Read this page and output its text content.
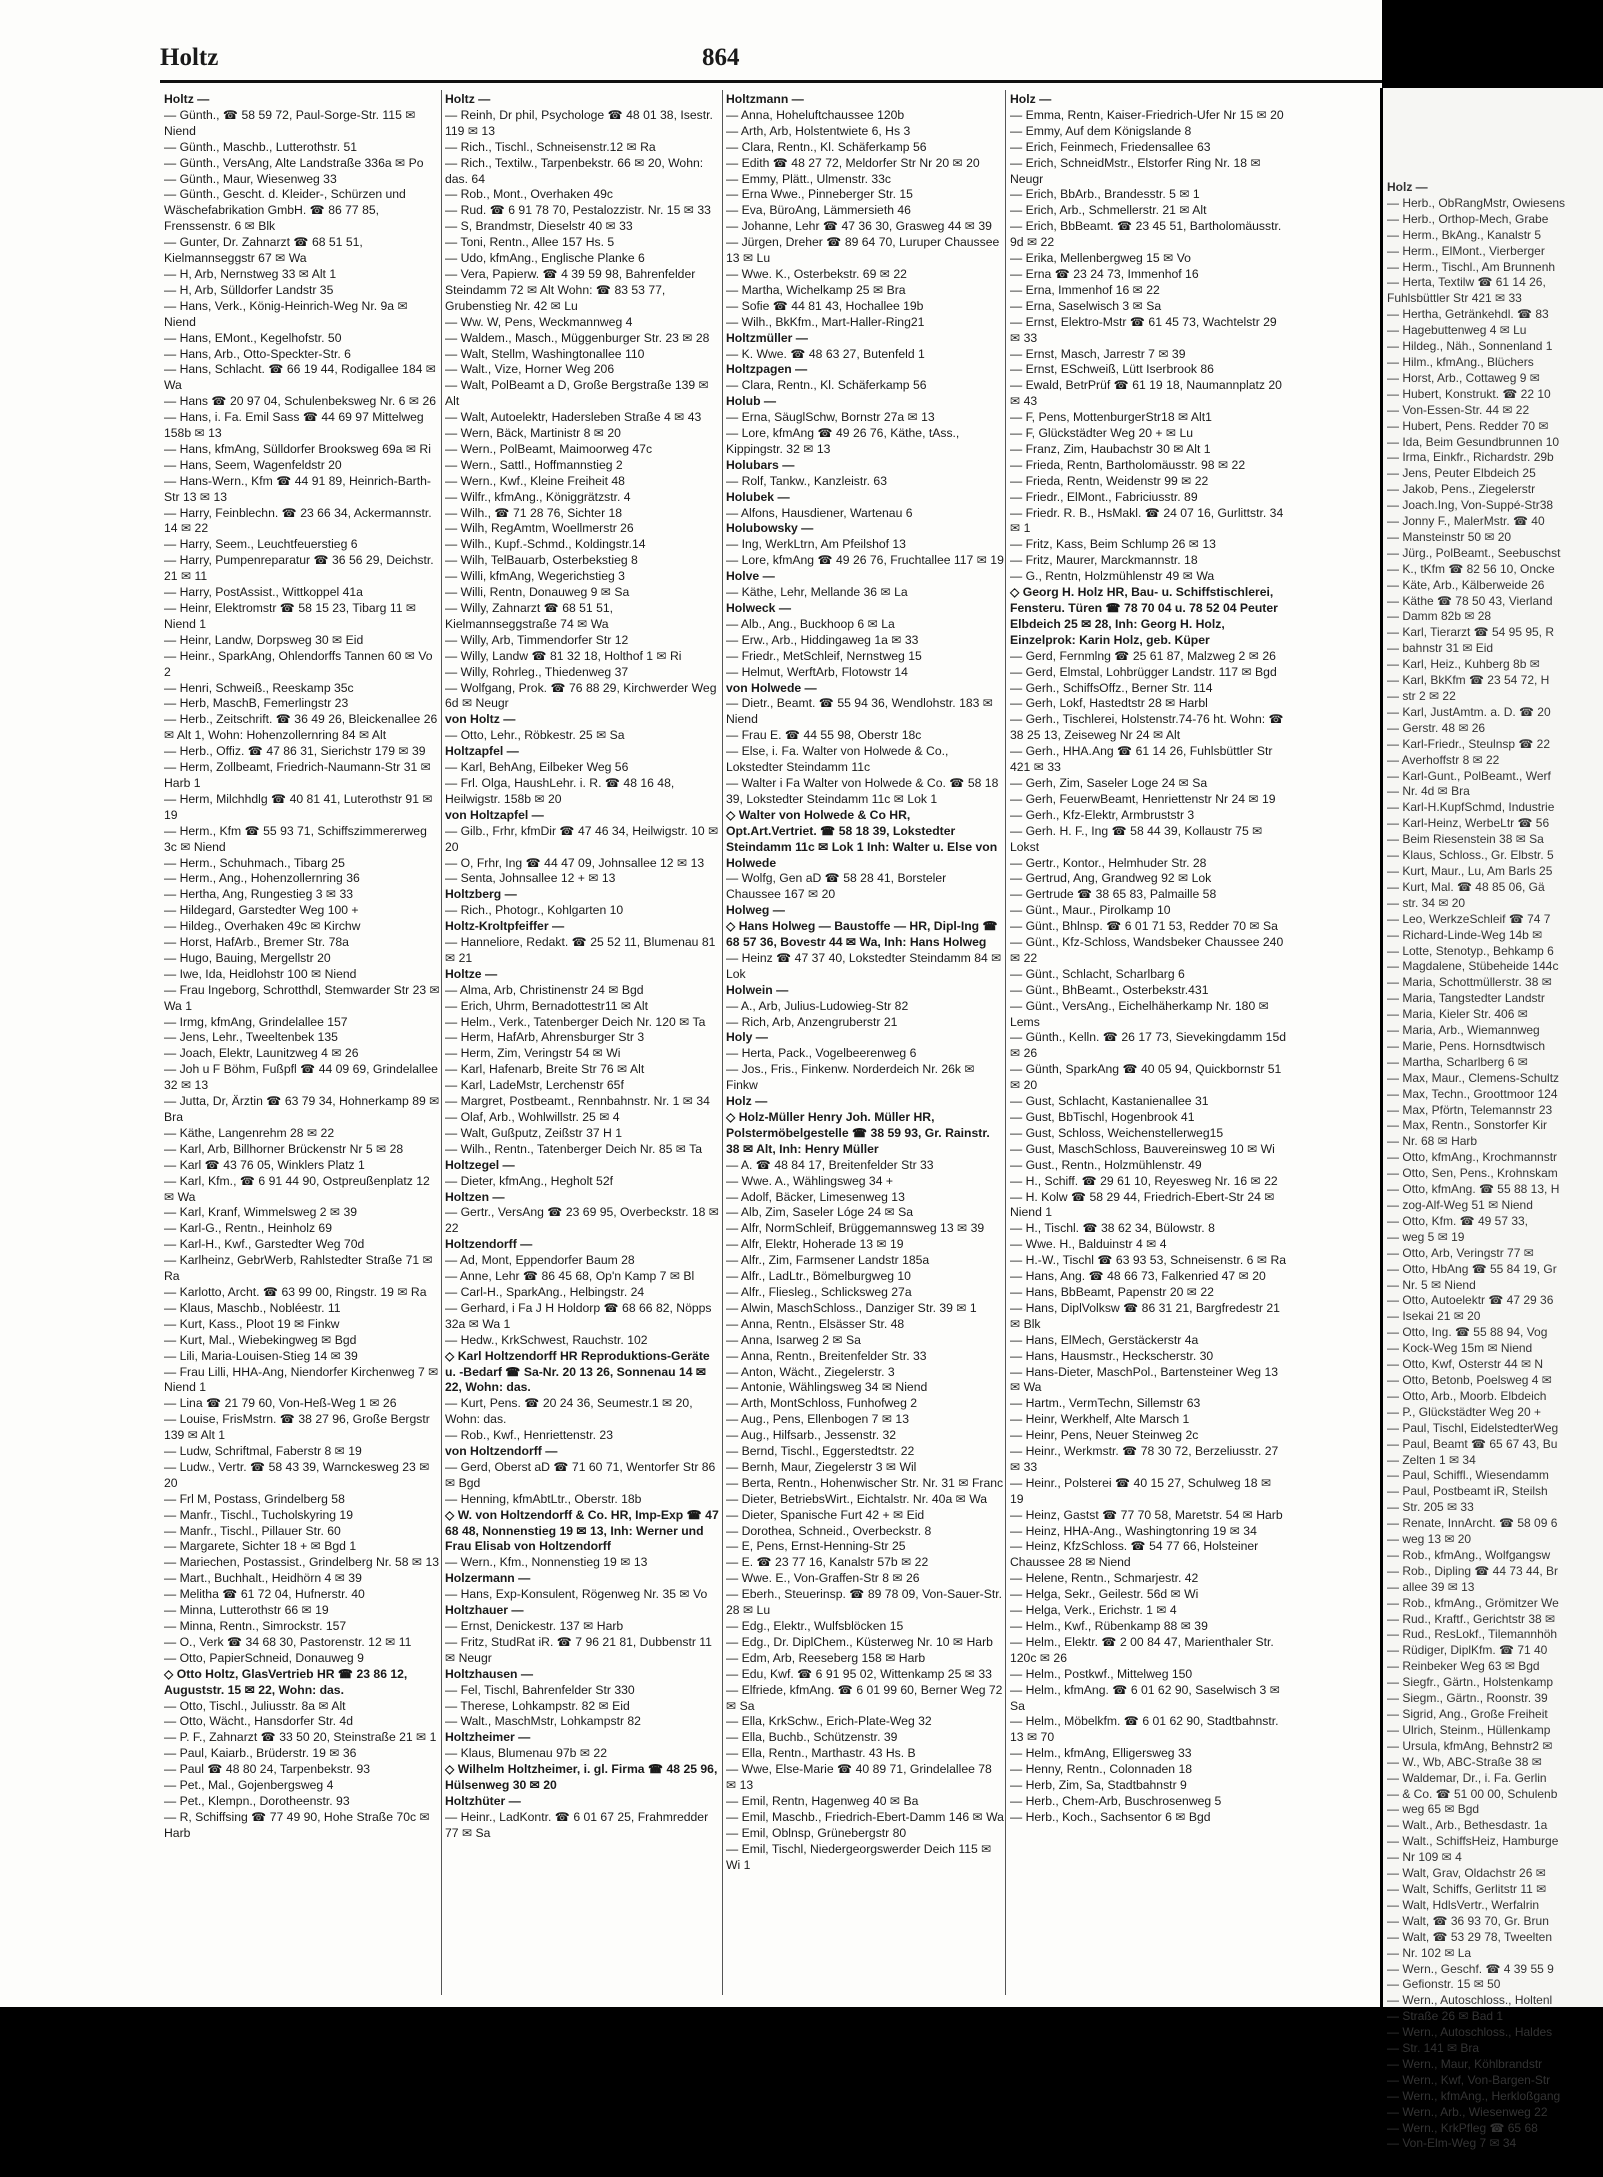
Holtz	864
Holtz —
— Günth., ☎ 58 59 72, Paul-Sorge-Str. 115 ✉ Niend
— Günth., Maschb., Lutterothstr. 51
— Günth., VersAng, Alte Landstraße 336a ✉ Po
— Günth., Maur, Wiesenweg 33
— Günth., Gescht. d. Kleider-, Schürzen und Wäschefabrikation GmbH. ☎ 86 77 85, Frenssenstr. 6 ✉ Blk
— Gunter, Dr. Zahnarzt ☎ 68 51 51, Kielmannseggstr 67 ✉ Wa
— H, Arb, Nernstweg 33 ✉ Alt 1
— H, Arb, Sülldorfer Landstr 35
— Hans, Verk., König-Heinrich-Weg Nr. 9a ✉ Niend
— Hans, EMont., Kegelhofstr. 50
— Hans, Arb., Otto-Speckter-Str. 6
— Hans, Schlacht. ☎ 66 19 44, Rodigallee 184 ✉ Wa
— Hans ☎ 20 97 04, Schulenbeksweg Nr. 6 ✉ 26
— Hans, i. Fa. Emil Sass ☎ 44 69 97 Mittelweg 158b ✉ 13
— Hans, kfmAng, Sülldorfer Brooksweg 69a ✉ Ri
— Hans, Seem, Wagenfeldstr 20
— Hans-Wern., Kfm ☎ 44 91 89, Heinrich-Barth-Str 13 ✉ 13
— Harry, Feinblechn. ☎ 23 66 34, Ackermannstr. 14 ✉ 22
— Harry, Seem., Leuchtfeuerstieg 6
— Harry, Pumpenreparatur ☎ 36 56 29, Deichstr. 21 ✉ 11
— Harry, PostAssist., Wittkoppel 41a
— Heinr, Elektromstr ☎ 58 15 23, Tibarg 11 ✉ Niend 1
— Heinr, Landw, Dorpsweg 30 ✉ Eid
— Heinr., SparkAng, Ohlendorffs Tannen 60 ✉ Vo 2
— Henri, Schweiß., Reeskamp 35c
— Herb, MaschB, Femerlingstr 23
— Herb., Zeitschrift. ☎ 36 49 26, Bleickenallee 26 ✉ Alt 1, Wohn: Hohenzollernring 84 ✉ Alt
— Herb., Offiz. ☎ 47 86 31, Sierichstr 179 ✉ 39
— Herm, Zollbeamt, Friedrich-Naumann-Str 31 ✉ Harb 1
— Herm, Milchhdlg ☎ 40 81 41, Luterothstr 91 ✉ 19
— Herm., Kfm ☎ 55 93 71, Schiffszimmererweg 3c ✉ Niend
— Herm., Schuhmach., Tibarg 25
— Herm., Ang., Hohenzollernring 36
— Hertha, Ang, Rungestieg 3 ✉ 33
— Hildegard, Garstedter Weg 100 +
— Hildeg., Overhaken 49c ✉ Kirchw
— Horst, HafArb., Bremer Str. 78a
— Hugo, Bauing, Mergellstr 20
— Iwe, Ida, Heidlohstr 100 ✉ Niend
— Frau Ingeborg, Schrotthdl, Stemwarder Str 23 ✉ Wa 1
— Irmg, kfmAng, Grindelallee 157
— Jens, Lehr., Tweeltenbek 135
— Joach, Elektr, Launitzweg 4 ✉ 26
— Joh u F Böhm, Fußpfl ☎ 44 09 69, Grindelallee 32 ✉ 13
— Jutta, Dr, Ärztin ☎ 63 79 34, Hohnerkamp 89 ✉ Bra
— Käthe, Langenrehm 28 ✉ 22
— Karl, Arb, Billhorner Brückenstr Nr 5 ✉ 28
— Karl ☎ 43 76 05, Winklers Platz 1
— Karl, Kfm., ☎ 6 91 44 90, Ostpreußenplatz 12 ✉ Wa
— Karl, Kranf, Wimmelsweg 2 ✉ 39
— Karl-G., Rentn., Heinholz 69
— Karl-H., Kwf., Garstedter Weg 70d
— Karlheinz, GebrWerb, Rahlstedter Straße 71 ✉ Ra
— Karlotto, Archt. ☎ 63 99 00, Ringstr. 19 ✉ Ra
— Klaus, Maschb., Nobléestr. 11
— Kurt, Kass., Ploot 19 ✉ Finkw
— Kurt, Mal., Wiebekingweg ✉ Bgd
— Lili, Maria-Louisen-Stieg 14 ✉ 39
— Frau Lilli, HHA-Ang, Niendorfer Kirchenweg 7 ✉ Niend 1
— Lina ☎ 21 79 60, Von-Heß-Weg 1 ✉ 26
— Louise, FrisMstrn. ☎ 38 27 96, Große Bergstr 139 ✉ Alt 1
— Ludw, Schriftmal, Faberstr 8 ✉ 19
— Ludw., Vertr. ☎ 58 43 39, Warnckesweg 23 ✉ 20
— Frl M, Postass, Grindelberg 58
— Manfr., Tischl., Tucholskyring 19
— Manfr., Tischl., Pillauer Str. 60
— Margarete, Sichter 18 + ✉ Bgd 1
— Mariechen, Postassist., Grindelberg Nr. 58 ✉ 13
— Mart., Buchhalt., Heidhörn 4 ✉ 39
— Melitha ☎ 61 72 04, Hufnerstr. 40
— Minna, Lutterothstr 66 ✉ 19
— Minna, Rentn., Simrockstr. 157
— O., Verk ☎ 34 68 30, Pastorenstr. 12 ✉ 11
— Otto, PapierSchneid, Donauweg 9
◇ Otto Holtz, GlasVertrieb HR ☎ 23 86 12, Auguststr. 15 ✉ 22, Wohn: das.
— Otto, Tischl., Juliusstr. 8a ✉ Alt
— Otto, Wächt., Hansdorfer Str. 4d
— P. F., Zahnarzt ☎ 33 50 20, Steinstraße 21 ✉ 1
— Paul, Kaiarb., Brüderstr. 19 ✉ 36
— Paul ☎ 48 80 24, Tarpenbekstr. 93
— Pet., Mal., Gojenbergsweg 4
— Pet., Klempn., Dorotheenstr. 93
— R, Schiffsing ☎ 77 49 90, Hohe Straße 70c ✉ Harb
Holtz —
— Reinh, Dr phil, Psychologe ☎ 48 01 38, Isestr. 119 ✉ 13
— Rich., Tischl., Schneisenstr.12 ✉ Ra
— Rich., Textilw., Tarpenbekstr. 66 ✉ 20, Wohn: das. 64
— Rob., Mont., Overhaken 49c
— Rud. ☎ 6 91 78 70, Pestalozzistr. Nr. 15 ✉ 33
— S, Brandmstr, Dieselstr 40 ✉ 33
— Toni, Rentn., Allee 157 Hs. 5
— Udo, kfmAng., Englische Planke 6
— Vera, Papierw. ☎ 4 39 59 98, Bahrenfelder Steindamm 72 ✉ Alt Wohn: ☎ 83 53 77, Grubenstieg Nr. 42 ✉ Lu
— Ww. W, Pens, Weckmannweg 4
— Waldem., Masch., Müggenburger Str. 23 ✉ 28
— Walt, Stellm, Washingtonallee 110
— Walt., Vize, Horner Weg 206
— Walt, PolBeamt a D, Große Bergstraße 139 ✉ Alt
— Walt, Autoelektr, Hadersleben Straße 4 ✉ 43
— Wern, Bäck, Martinistr 8 ✉ 20
— Wern., PolBeamt, Maimoorweg 47c
— Wern., Sattl., Hoffmannstieg 2
— Wern., Kwf., Kleine Freiheit 48
— Wilfr., kfmAng., Königgrätzstr. 4
— Wilh., ☎ 71 28 76, Sichter 18
— Wilh, RegAmtm, Woellmerstr 26
— Wilh., Kupf.-Schmd., Koldingstr.14
— Wilh, TelBauarb, Osterbekstieg 8
— Willi, kfmAng, Wegerichstieg 3
— Willi, Rentn, Donauweg 9 ✉ Sa
— Willy, Zahnarzt ☎ 68 51 51, Kielmannseggstraße 74 ✉ Wa
— Willy, Arb, Timmendorfer Str 12
— Willy, Landw ☎ 81 32 18, Holthof 1 ✉ Ri
— Willy, Rohrleg., Thiedenweg 37
— Wolfgang, Prok. ☎ 76 88 29, Kirchwerder Weg 6d ✉ Neugr
von Holtz —
— Otto, Lehr., Röbkestr. 25 ✉ Sa
Holtzapfel —
— Karl, BehAng, Eilbeker Weg 56
— Frl. Olga, HaushLehr. i. R. ☎ 48 16 48, Heilwigstr. 158b ✉ 20
von Holtzapfel —
— Gilb., Frhr, kfmDir ☎ 47 46 34, Heilwigstr. 10 ✉ 20
— O, Frhr, Ing ☎ 44 47 09, Johnsallee 12 ✉ 13
— Senta, Johnsallee 12 + ✉ 13
Holtzberg —
— Rich., Photogr., Kohlgarten 10
Holtz-Kroltpfeiffer —
— Hanneliore, Redakt. ☎ 25 52 11, Blumenau 81 ✉ 21
Holtze —
— Alma, Arb, Christinenstr 24 ✉ Bgd
— Erich, Uhrm, Bernadottestr11 ✉ Alt
— Helm., Verk., Tatenberger Deich Nr. 120 ✉ Ta
— Herm, HafArb, Ahrensburger Str 3
— Herm, Zim, Veringstr 54 ✉ Wi
— Karl, Hafenarb, Breite Str 76 ✉ Alt
— Karl, LadeMstr, Lerchenstr 65f
— Margret, Postbeamt., Rennbahnstr. Nr. 1 ✉ 34
— Olaf, Arb., Wohlwillstr. 25 ✉ 4
— Walt, Gußputz, Zeißstr 37 H 1
— Wilh., Rentn., Tatenberger Deich Nr. 85 ✉ Ta
Holtzegel —
— Dieter, kfmAng., Hegholt 52f
Holtzen —
— Gertr., VersAng ☎ 23 69 95, Overbeckstr. 18 ✉ 22
Holtzendorff —
— Ad, Mont, Eppendorfer Baum 28
— Anne, Lehr ☎ 86 45 68, Op'n Kamp 7 ✉ Bl
— Carl-H., SparkAng., Helbingstr. 24
— Gerhard, i Fa J H Holdorp ☎ 68 66 82, Nöpps 32a ✉ Wa 1
— Hedw., KrkSchwest, Rauchstr. 102
◇ Karl Holtzendorff HR Reproduktions-Geräte u. -Bedarf ☎ Sa-Nr. 20 13 26, Sonnenau 14 ✉ 22, Wohn: das.
— Kurt, Pens. ☎ 20 24 36, Seumestr.1 ✉ 20, Wohn: das.
— Rob., Kwf., Henriettenstr. 23
von Holtzendorff —
— Gerd, Oberst aD ☎ 71 60 71, Wentorfer Str 86 ✉ Bgd
— Henning, kfmAbtLtr., Oberstr. 18b
◇ W. von Holtzendorff & Co. HR, Imp-Exp ☎ 47 68 48, Nonnenstieg 19 ✉ 13, Inh: Werner und Frau Elisab von Holtzendorff
— Wern., Kfm., Nonnenstieg 19 ✉ 13
Holzermann —
— Hans, Exp-Konsulent, Rögenweg Nr. 35 ✉ Vo
Holtzhauer —
— Ernst, Denickestr. 137 ✉ Harb
— Fritz, StudRat iR. ☎ 7 96 21 81, Dubbenstr 11 ✉ Neugr
Holtzhausen —
— Fel, Tischl, Bahrenfelder Str 330
— Therese, Lohkampstr. 82 ✉ Eid
— Walt., MaschMstr, Lohkampstr 82
Holtzheimer —
— Klaus, Blumenau 97b ✉ 22
◇ Wilhelm Holtzheimer, i. gl. Firma ☎ 48 25 96, Hülsenweg 30 ✉ 20
Holtzhüter —
— Heinr., LadKontr. ☎ 6 01 67 25, Frahmredder 77 ✉ Sa
Holtzmann —
— Anna, Hoheluftchaussee 120b
— Arth, Arb, Holstentwiete 6, Hs 3
— Clara, Rentn., Kl. Schäferkamp 56
— Edith ☎ 48 27 72, Meldorfer Str Nr 20 ✉ 20
— Emmy, Plätt., Ulmenstr. 33c
— Erna Wwe., Pinneberger Str. 15
— Eva, BüroAng, Lämmersieth 46
— Johanne, Lehr ☎ 47 36 30, Grasweg 44 ✉ 39
— Jürgen, Dreher ☎ 89 64 70, Luruper Chaussee 13 ✉ Lu
— Wwe. K., Osterbekstr. 69 ✉ 22
— Martha, Wichelkamp 25 ✉ Bra
— Sofie ☎ 44 81 43, Hochallee 19b
— Wilh., BkKfm., Mart-Haller-Ring21
Holtzmüller —
— K. Wwe. ☎ 48 63 27, Butenfeld 1
Holtzpagen —
— Clara, Rentn., Kl. Schäferkamp 56
Holub —
— Erna, SäuglSchw, Bornstr 27a ✉ 13
— Lore, kfmAng ☎ 49 26 76, Käthe, tAss., Kippingstr. 32 ✉ 13
Holubars —
— Rolf, Tankw., Kanzleistr. 63
Holubek —
— Alfons, Hausdiener, Wartenau 6
Holubowsky —
— Ing, WerkLtrn, Am Pfeilshof 13
— Lore, kfmAng ☎ 49 26 76, Fruchtallee 117 ✉ 19
Holve —
— Käthe, Lehr, Mellande 36 ✉ La
Holweck —
— Alb., Ang., Buckhoop 6 ✉ La
— Erw., Arb., Hiddingaweg 1a ✉ 33
— Friedr., MetSchleif, Nernstweg 15
— Helmut, WerftArb, Flotowstr 14
von Holwede —
— Dietr., Beamt. ☎ 55 94 36, Wendlohstr. 183 ✉ Niend
— Frau E. ☎ 44 55 98, Oberstr 18c
— Else, i. Fa. Walter von Holwede & Co., Lokstedter Steindamm 11c
— Walter i Fa Walter von Holwede & Co. ☎ 58 18 39, Lokstedter Steindamm 11c ✉ Lok 1
◇ Walter von Holwede & Co HR, Opt.Art.Vertriet. ☎ 58 18 39, Lokstedter Steindamm 11c ✉ Lok 1 Inh: Walter u. Else von Holwede
— Wolfg, Gen aD ☎ 58 28 41, Borsteler Chaussee 167 ✉ 20
Holweg —
◇ Hans Holweg — Baustoffe — HR, Dipl-Ing ☎ 68 57 36, Bovestr 44 ✉ Wa, Inh: Hans Holweg
— Heinz ☎ 47 37 40, Lokstedter Steindamm 84 ✉ Lok
Holwein —
— A., Arb, Julius-Ludowieg-Str 82
— Rich, Arb, Anzengruberstr 21
Holy —
— Herta, Pack., Vogelbeerenweg 6
— Jos., Fris., Finkenw. Norderdeich Nr. 26k ✉ Finkw
Holz —
◇ Holz-Müller Henry Joh. Müller HR, Polstermöbelgestelle ☎ 38 59 93, Gr. Rainstr. 38 ✉ Alt, Inh: Henry Müller
— A. ☎ 48 84 17, Breitenfelder Str 33
— Wwe. A., Wählingsweg 34 +
— Adolf, Bäcker, Limesenweg 13
— Alb, Zim, Saseler Lóge 24 ✉ Sa
— Alfr, NormSchleif, Brüggemannsweg 13 ✉ 39
— Alfr, Elektr, Hoherade 13 ✉ 19
— Alfr., Zim, Farmsener Landstr 185a
— Alfr., LadLtr., Bömelburgweg 10
— Alfr., Fliesleg., Schlicksweg 27a
— Alwin, MaschSchloss., Danziger Str. 39 ✉ 1
— Anna, Rentn., Elsässer Str. 48
— Anna, Isarweg 2 ✉ Sa
— Anna, Rentn., Breitenfelder Str. 33
— Anton, Wächt., Ziegelerstr. 3
— Antonie, Wählingsweg 34 ✉ Niend
— Arth, MontSchloss, Funhofweg 2
— Aug., Pens, Ellenbogen 7 ✉ 13
— Aug., Hilfsarb., Jessenstr. 32
— Bernd, Tischl., Eggerstedtstr. 22
— Bernh, Maur, Ziegelerstr 3 ✉ Wil
— Berta, Rentn., Hohenwischer Str. Nr. 31 ✉ Franc
— Dieter, BetriebsWirt., Eichtalstr. Nr. 40a ✉ Wa
— Dieter, Spanische Furt 42 + ✉ Eid
— Dorothea, Schneid., Overbeckstr. 8
— E, Pens, Ernst-Henning-Str 25
— E. ☎ 23 77 16, Kanalstr 57b ✉ 22
— Wwe. E., Von-Graffen-Str 8 ✉ 26
— Eberh., Steuerinsp. ☎ 89 78 09, Von-Sauer-Str. 28 ✉ Lu
— Edg., Elektr., Wulfsblöcken 15
— Edg., Dr. DiplChem., Küsterweg Nr. 10 ✉ Harb
— Edm, Arb, Reeseberg 158 ✉ Harb
— Edu, Kwf. ☎ 6 91 95 02, Wittenkamp 25 ✉ 33
— Elfriede, kfmAng. ☎ 6 01 99 60, Berner Weg 72 ✉ Sa
— Ella, KrkSchw., Erich-Plate-Weg 32
— Ella, Buchb., Schützenstr. 39
— Ella, Rentn., Marthastr. 43 Hs. B
— Wwe, Else-Marie ☎ 40 89 71, Grindelallee 78 ✉ 13
— Emil, Rentn, Hagenweg 40 ✉ Ba
— Emil, Maschb., Friedrich-Ebert-Damm 146 ✉ Wa
— Emil, Oblnsp, Grünebergstr 80
— Emil, Tischl, Niedergeorgswerder Deich 115 ✉ Wi 1
Holz —
— Emma, Rentn, Kaiser-Friedrich-Ufer Nr 15 ✉ 20
— Emmy, Auf dem Königslande 8
— Erich, Feinmech, Friedensallee 63
— Erich, SchneidMstr., Elstorfer Ring Nr. 18 ✉ Neugr
— Erich, BbArb., Brandesstr. 5 ✉ 1
— Erich, Arb., Schmellerstr. 21 ✉ Alt
— Erich, BbBeamt. ☎ 23 45 51, Bartholomäusstr. 9d ✉ 22
— Erika, Mellenbergweg 15 ✉ Vo
— Erna ☎ 23 24 73, Immenhof 16
— Erna, Immenhof 16 ✉ 22
— Erna, Saselwisch 3 ✉ Sa
— Ernst, Elektro-Mstr ☎ 61 45 73, Wachtelstr 29 ✉ 33
— Ernst, Masch, Jarrestr 7 ✉ 39
— Ernst, ESchweiß, Lütt Iserbrook 86
— Ewald, BetrPrüf ☎ 61 19 18, Naumannplatz 20 ✉ 43
— F, Pens, MottenburgerStr18 ✉ Alt1
— F, Glückstädter Weg 20 + ✉ Lu
— Franz, Zim, Haubachstr 30 ✉ Alt 1
— Frieda, Rentn, Bartholomäusstr. 98 ✉ 22
— Frieda, Rentn, Weidenstr 99 ✉ 22
— Friedr., ElMont., Fabriciusstr. 89
— Friedr. R. B., HsMakl. ☎ 24 07 16, Gurlittstr. 34 ✉ 1
— Fritz, Kass, Beim Schlump 26 ✉ 13
— Fritz, Maurer, Marckmannstr. 18
— G., Rentn, Holzmühlenstr 49 ✉ Wa
◇ Georg H. Holz HR, Bau- u. Schiffstischlerei, Fensteru. Türen ☎ 78 70 04 u. 78 52 04 Peuter Elbdeich 25 ✉ 28, Inh: Georg H. Holz, Einzelprok: Karin Holz, geb. Küper
— Gerd, Fernmlng ☎ 25 61 87, Malzweg 2 ✉ 26
— Gerd, Elmstal, Lohbrügger Landstr. 117 ✉ Bgd
— Gerh., SchiffsOffz., Berner Str. 114
— Gerh, Lokf, Hastedtstr 28 ✉ Harbl
— Gerh., Tischlerei, Holstenstr.74-76 ht. Wohn: ☎ 38 25 13, Zeiseweg Nr 24 ✉ Alt
— Gerh., HHA.Ang ☎ 61 14 26, Fuhlsbüttler Str 421 ✉ 33
— Gerh, Zim, Saseler Loge 24 ✉ Sa
— Gerh, FeuerwBeamt, Henriettenstr Nr 24 ✉ 19
— Gerh., Kfz-Elektr, Armbruststr 3
— Gerh. H. F., Ing ☎ 58 44 39, Kollaustr 75 ✉ Lokst
— Gertr., Kontor., Helmhuder Str. 28
— Gertrud, Ang, Grandweg 92 ✉ Lok
— Gertrude ☎ 38 65 83, Palmaille 58
— Günt., Maur., Pirolkamp 10
— Günt., Bhlnsp. ☎ 6 01 71 53, Redder 70 ✉ Sa
— Günt., Kfz-Schloss, Wandsbeker Chaussee 240 ✉ 22
— Günt., Schlacht, Scharlbarg 6
— Günt., BhBeamt., Osterbekstr.431
— Günt., VersAng., Eichelhäherkamp Nr. 180 ✉ Lems
— Günth., Kelln. ☎ 26 17 73, Sievekingdamm 15d ✉ 26
— Günth, SparkAng ☎ 40 05 94, Quickbornstr 51 ✉ 20
— Gust, Schlacht, Kastanienallee 31
— Gust, BbTischl, Hogenbrook 41
— Gust, Schloss, Weichenstellerweg15
— Gust, MaschSchloss, Bauvereinsweg 10 ✉ Wi
— Gust., Rentn., Holzmühlenstr. 49
— H., Schiff. ☎ 29 61 10, Reyesweg Nr. 16 ✉ 22
— H. Kolw ☎ 58 29 44, Friedrich-Ebert-Str 24 ✉ Niend 1
— H., Tischl. ☎ 38 62 34, Bülowstr. 8
— Wwe. H., Balduinstr 4 ✉ 4
— H.-W., Tischl ☎ 63 93 53, Schneisenstr. 6 ✉ Ra
— Hans, Ang. ☎ 48 66 73, Falkenried 47 ✉ 20
— Hans, BbBeamt, Papenstr 20 ✉ 22
— Hans, DiplVolksw ☎ 86 31 21, Bargfredestr 21 ✉ Blk
— Hans, ElMech, Gerstäckerstr 4a
— Hans, Hausmstr., Heckscherstr. 30
— Hans-Dieter, MaschPol., Bartensteiner Weg 13 ✉ Wa
— Hartm., VermTechn, Sillemstr 63
— Heinr, Werkhelf, Alte Marsch 1
— Heinr, Pens, Neuer Steinweg 2c
— Heinr., Werkmstr. ☎ 78 30 72, Berzeliusstr. 27 ✉ 33
— Heinr., Polsterei ☎ 40 15 27, Schulweg 18 ✉ 19
— Heinz, Gastst ☎ 77 70 58, Maretstr. 54 ✉ Harb
— Heinz, HHA-Ang., Washingtonring 19 ✉ 34
— Heinz, KfzSchloss. ☎ 54 77 66, Holsteiner Chaussee 28 ✉ Niend
— Helene, Rentn., Schmarjestr. 42
— Helga, Sekr., Geilestr. 56d ✉ Wi
— Helga, Verk., Erichstr. 1 ✉ 4
— Helm., Kwf., Rübenkamp 88 ✉ 39
— Helm., Elektr. ☎ 2 00 84 47, Marienthaler Str. 120c ✉ 26
— Helm., Postkwf., Mittelweg 150
— Helm., kfmAng. ☎ 6 01 62 90, Saselwisch 3 ✉ Sa
— Helm., Möbelkfm. ☎ 6 01 62 90, Stadtbahnstr. 13 ✉ 70
— Helm., kfmAng, Elligersweg 33
— Henny, Rentn., Colonnaden 18
— Herb, Zim, Sa, Stadtbahnstr 9
— Herb., Chem-Arb, Buschrosenweg 5
— Herb., Koch., Sachsentor 6 ✉ Bgd
Holz —
— Herb., ObRangMstr, Owiesens
— Herb., Orthop-Mech, Grabe
— Herm., BkAng., Kanalstr 5
— Herm., ElMont., Vierberger
— Herm., Tischl., Am Brunnenh
— Herta, Textilw ☎ 61 14 26, Fuhlsbüttler Str 421 ✉ 33
— Hertha, Getränkehdl. ☎ 83
— Hagebuttenweg 4 ✉ Lu
— Hildeg., Näh., Sonnenland 1
— Hilm., kfmAng., Blüchers
— Horst, Arb., Cottaweg 9 ✉
— Hubert, Konstrukt. ☎ 22 10
— Von-Essen-Str. 44 ✉ 22
— Hubert, Pens. Redder 70 ✉
— Ida, Beim Gesundbrunnen 10
— Irma, Einkfr., Richardstr. 29b
— Jens, Peuter Elbdeich 25
— Jakob, Pens., Ziegelerstr
— Joach.Ing, Von-Suppé-Str38
— Jonny F., MalerMstr. ☎ 40
— Mansteinstr 50 ✉ 20
— Jürg., PolBeamt., Seebuschst
— K., tKfm ☎ 82 56 10, Oncke
— Käte, Arb., Kälberweide 26
— Käthe ☎ 78 50 43, Vierland
— Damm 82b ✉ 28
— Karl, Tierarzt ☎ 54 95 95, R
— bahnstr 31 ✉ Eid
— Karl, Heiz., Kuhberg 8b ✉
— Karl, BkKfm ☎ 23 54 72, H
— str 2 ✉ 22
— Karl, JustAmtm. a. D. ☎ 20
— Gerstr. 48 ✉ 26
— Karl-Friedr., Steulnsp ☎ 22
— Averhoffstr 8 ✉ 22
— Karl-Gunt., PolBeamt., Werf
— Nr. 4d ✉ Bra
— Karl-H.KupfSchmd, Industrie
— Karl-Heinz, WerbeLtr ☎ 56
— Beim Riesenstein 38 ✉ Sa
— Klaus, Schloss., Gr. Elbstr. 5
— Kurt, Maur., Lu, Am Barls 25
— Kurt, Mal. ☎ 48 85 06, Gä
— str. 34 ✉ 20
— Leo, WerkzeSchleif ☎ 74 7
— Richard-Linde-Weg 14b ✉
— Lotte, Stenotyp., Behkamp 6
— Magdalene, Stübeheide 144c
— Maria, Schottmüllerstr. 38 ✉
— Maria, Tangstedter Landstr
— Maria, Kieler Str. 406 ✉
— Maria, Arb., Wiemannweg
— Marie, Pens. Hornsdtwisch
— Martha, Scharlberg 6 ✉
— Max, Maur., Clemens-Schultz
— Max, Techn., Groottmoor 124
— Max, Pförtn, Telemannstr 23
— Max, Rentn., Sonstorfer Kir
— Nr. 68 ✉ Harb
— Otto, kfmAng., Krochmannstr
— Otto, Sen, Pens., Krohnskam
— Otto, kfmAng. ☎ 55 88 13, H
— zog-Alf-Weg 51 ✉ Niend
— Otto, Kfm. ☎ 49 57 33,
— weg 5 ✉ 19
— Otto, Arb, Veringstr 77 ✉
— Otto, HbAng ☎ 55 84 19, Gr
— Nr. 5 ✉ Niend
— Otto, Autoelektr ☎ 47 29 36
— Isekai 21 ✉ 20
— Otto, Ing. ☎ 55 88 94, Vog
— Kock-Weg 15m ✉ Niend
— Otto, Kwf, Osterstr 44 ✉ N
— Otto, Betonb, Poelsweg 4 ✉
— Otto, Arb., Moorb. Elbdeich
— P., Glückstädter Weg 20 +
— Paul, Tischl, EidelstedterWeg
— Paul, Beamt ☎ 65 67 43, Bu
— Zelten 1 ✉ 34
— Paul, Schiffl., Wiesendamm
— Paul, Postbeamt iR, Steilsh
— Str. 205 ✉ 33
— Renate, InnArcht. ☎ 58 09 6
— weg 13 ✉ 20
— Rob., kfmAng., Wolfgangsw
— Rob., Dipling ☎ 44 73 44, Br
— allee 39 ✉ 13
— Rob., kfmAng., Grömitzer We
— Rud., Kraftf., Gerichtstr 38 ✉
— Rud., ResLokf., Tilemannhöh
— Rüdiger, DiplKfm. ☎ 71 40
— Reinbeker Weg 63 ✉ Bgd
— Siegfr., Gärtn., Holstenkamp
— Siegm., Gärtn., Roonstr. 39
— Sigrid, Ang., Große Freiheit
— Ulrich, Steinm., Hüllenkamp
— Ursula, kfmAng, Behnstr2 ✉
— W., Wb, ABC-Straße 38 ✉
— Waldemar, Dr., i. Fa. Gerlin
— & Co. ☎ 51 00 00, Schulenb
— weg 65 ✉ Bgd
— Walt., Arb., Bethesdastr. 1a
— Walt., SchiffsHeiz, Hamburge
— Nr 109 ✉ 4
— Walt, Grav, Oldachstr 26 ✉
— Walt, Schiffs, Gerlitstr 11 ✉
— Walt, HdlsVertr., Werfalrin
— Walt, ☎ 36 93 70, Gr. Brun
— Walt, ☎ 53 29 78, Tweelten
— Nr. 102 ✉ La
— Wern., Geschf. ☎ 4 39 55 9
— Gefionstr. 15 ✉ 50
— Wern., Autoschloss., Holtenl
— Straße 26 ✉ Bad 1
— Wern., Autoschloss., Haldes
— Str. 141 ✉ Bra
— Wern., Maur, Köhlbrandstr
— Wern., Kwf, Von-Bargen-Str
— Wern., kfmAng., Herkloßgang
— Wern., Arb., Wiesenweg 22
— Wern., KrkPfleg ☎ 65 68
— Von-Elm-Weg 7 ✉ 34
